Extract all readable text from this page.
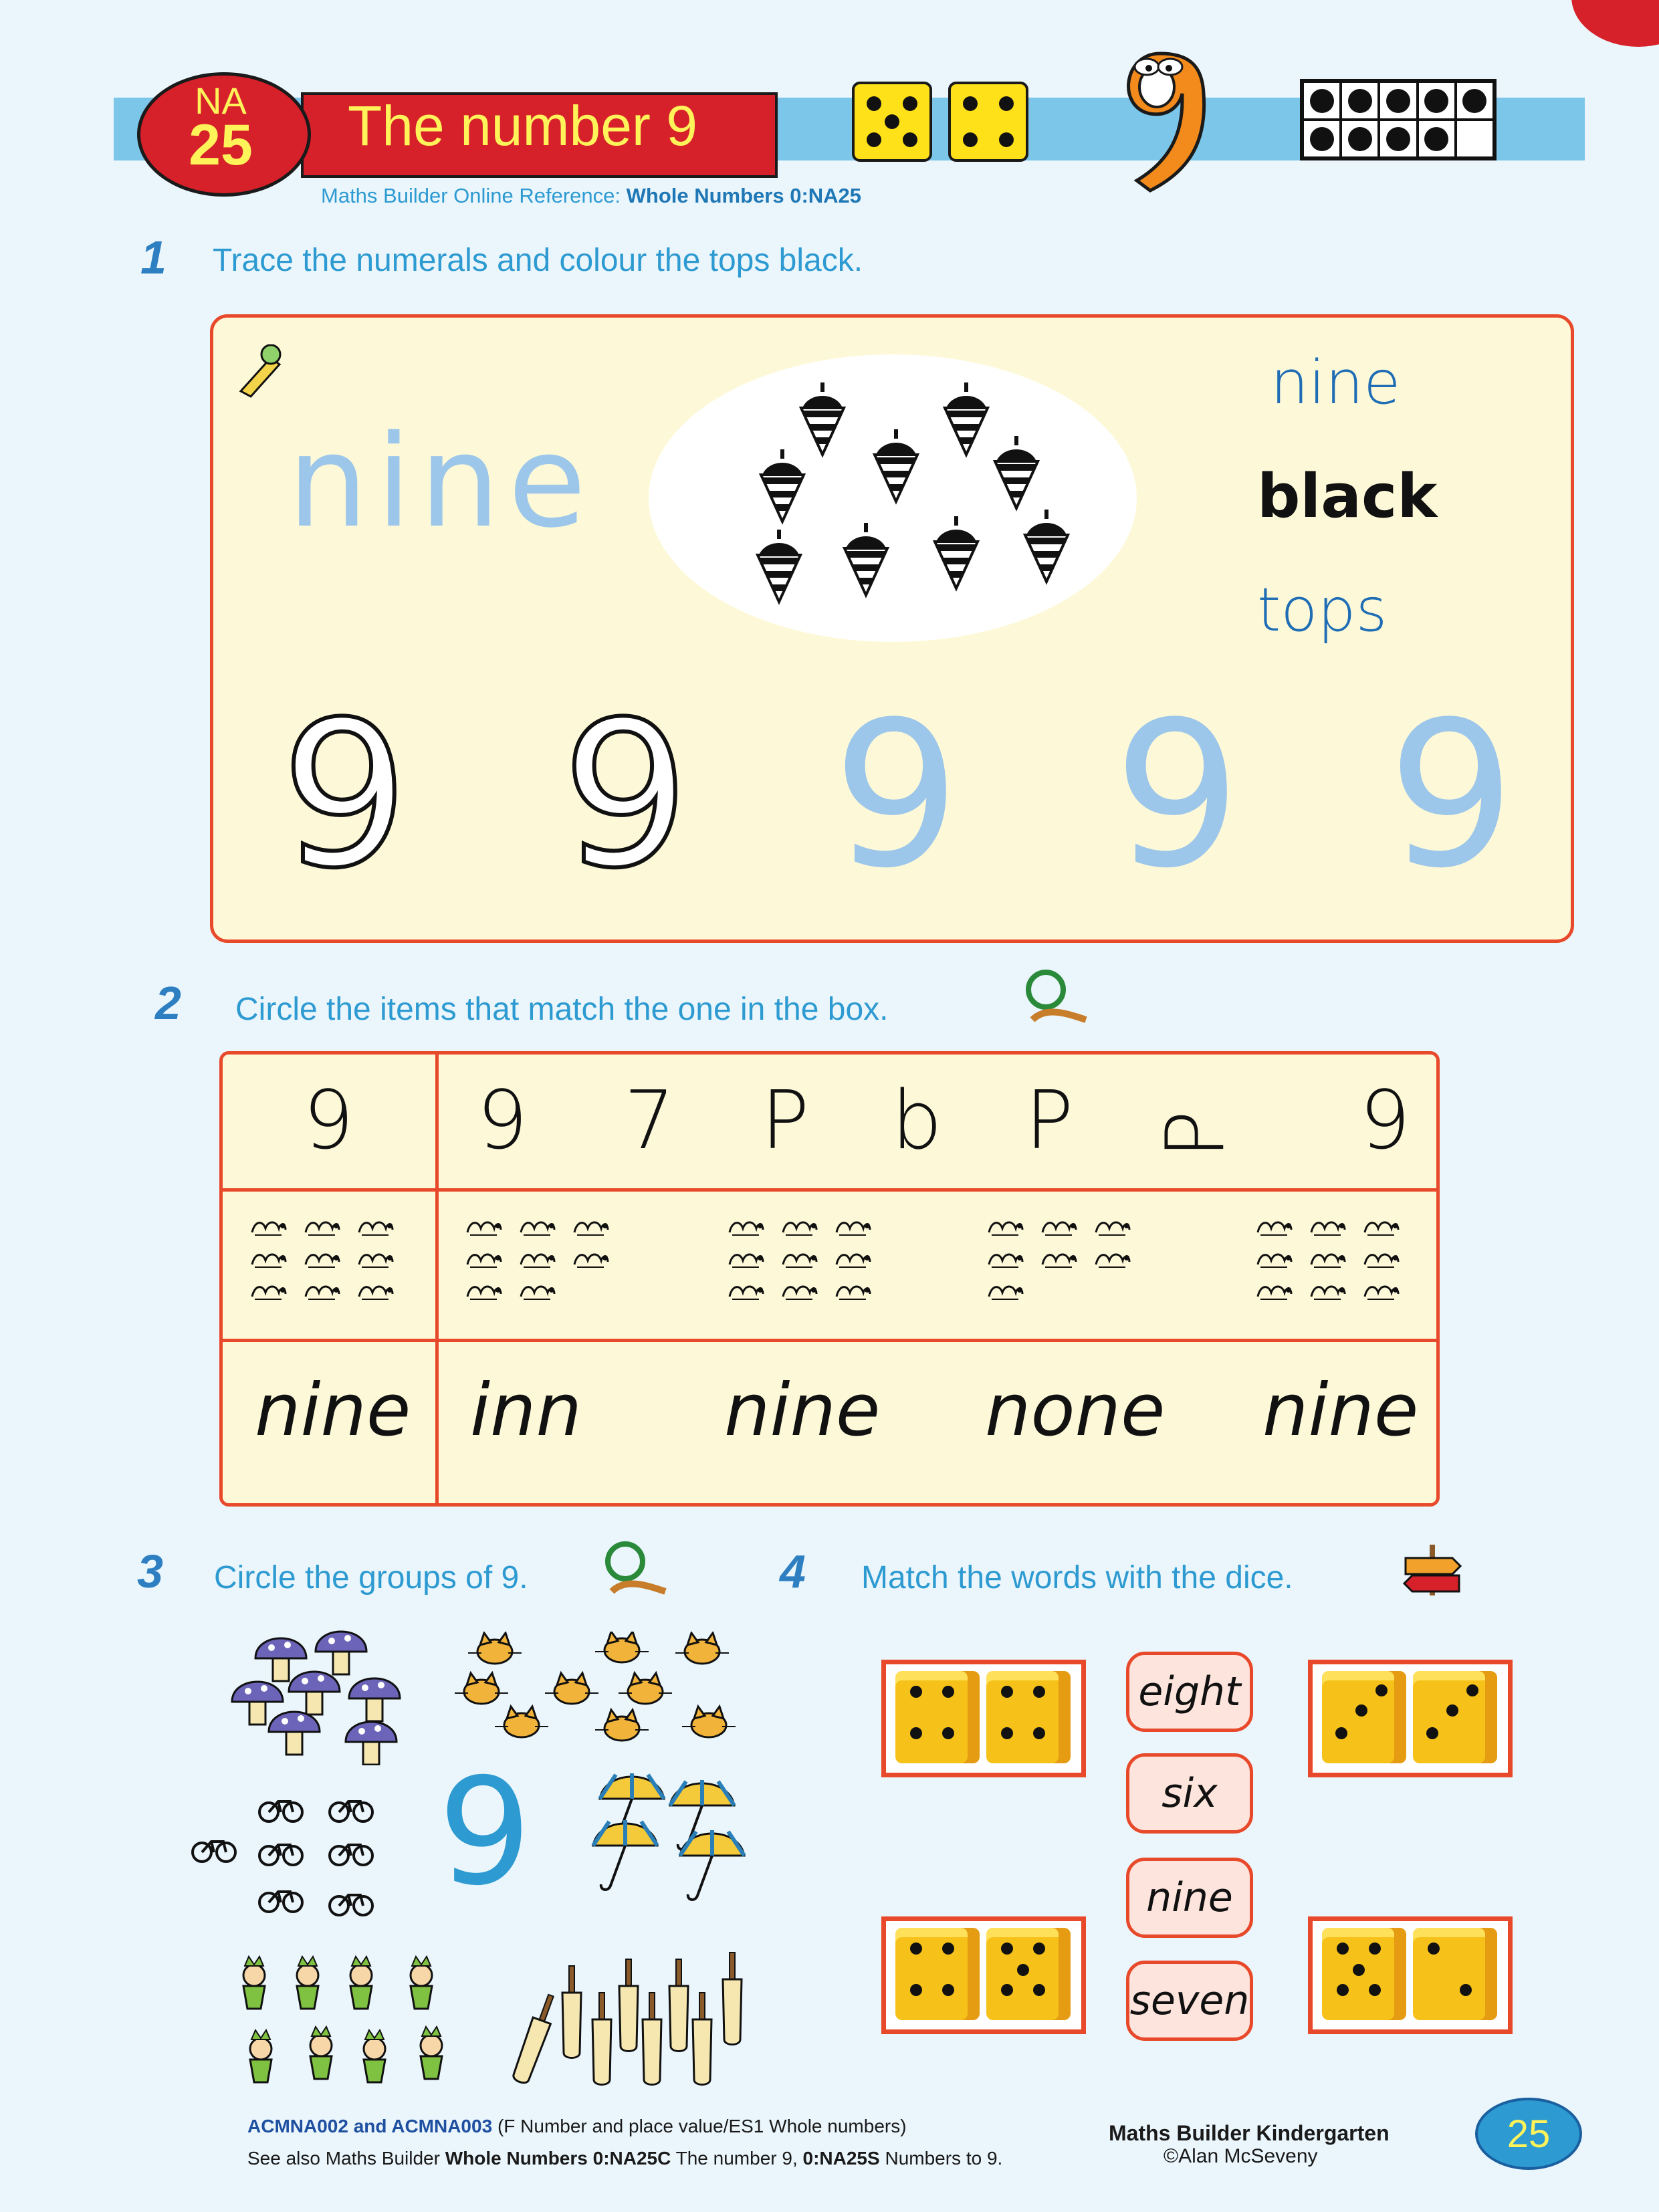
The number 9
NA
25
Maths Builder Online Reference: Whole Numbers 0:NA25
1 Trace the numerals and colour the tops black.
nine
nine
black
tops
9 9 9 9 9
2 Circle the items that match the one in the box.
9 9 7 P b P P 9
nine inn nine none nine
3 Circle the groups of 9.
9
4 Match the words with the dice.
eight
six
nine
seven
ACMNA002 and ACMNA003 (F Number and place value/ES1 Whole numbers)
See also Maths Builder Whole Numbers 0:NA25C The number 9, 0:NA25S Numbers to 9.
Maths Builder Kindergarten
©Alan McSeveny
25
